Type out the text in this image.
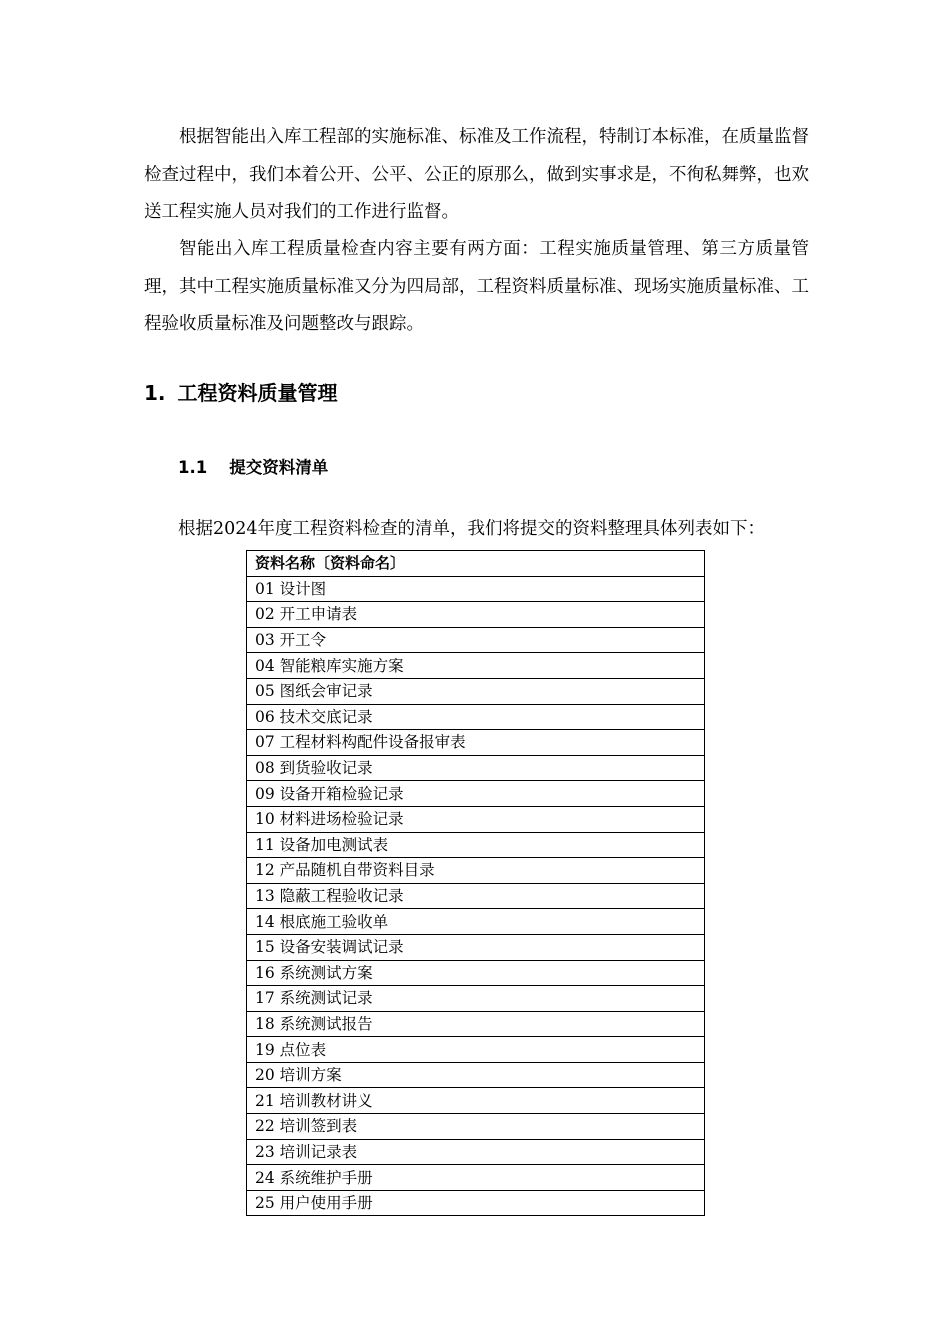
根据智能出入库工程部的实施标准、标准及工作流程，特制订本标准，在质量监督检查过程中，我们本着公开、公平、公正的原那么，做到实事求是，不徇私舞弊，也欢送工程实施人员对我们的工作进行监督。

智能出入库工程质量检查内容主要有两方面：工程实施质量管理、第三方质量管理，其中工程实施质量标准又分为四局部，工程资料质量标准、现场实施质量标准、工程验收质量标准及问题整改与跟踪。

1. 工程资料质量管理
1.1 提交资料清单

根据2024年度工程资料检查的清单，我们将提交的资料整理具体列表如下：

资料名称〔资料命名〕
01 设计图
02 开工申请表
03 开工令
04 智能粮库实施方案
05 图纸会审记录
06 技术交底记录
07 工程材料构配件设备报审表
08 到货验收记录
09 设备开箱检验记录
10 材料进场检验记录
11 设备加电测试表
12 产品随机自带资料目录
13 隐蔽工程验收记录
14 根底施工验收单
15 设备安装调试记录
16 系统测试方案
17 系统测试记录
18 系统测试报告
19 点位表
20 培训方案
21 培训教材讲义
22 培训签到表
23 培训记录表
24 系统维护手册
25 用户使用手册
